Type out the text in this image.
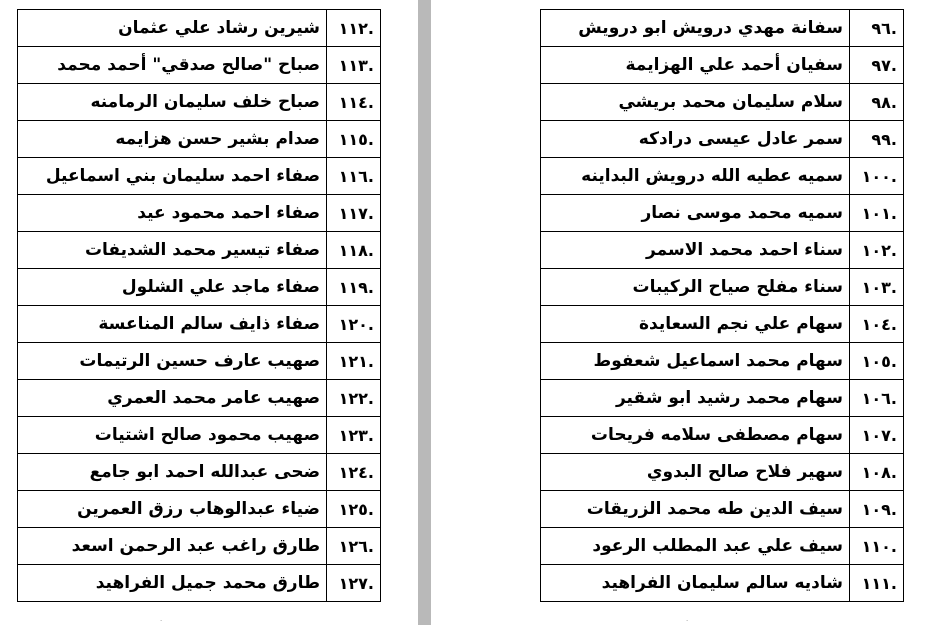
.١١٢	شيرين رشاد علي عثمان
.١١٣	صباح "صالح صدقي" أحمد محمد
.١١٤	صباح خلف سليمان الرمامنه
.١١٥	صدام بشير حسن هزايمه
.١١٦	صفاء احمد سليمان بني اسماعيل
.١١٧	صفاء احمد محمود عيد
.١١٨	صفاء تيسير محمد الشديفات
.١١٩	صفاء ماجد علي الشلول
.١٢٠	صفاء ذايف سالم المناعسة
.١٢١	صهيب عارف حسين الرتيمات
.١٢٢	صهيب عامر محمد العمري
.١٢٣	صهيب محمود صالح اشتيات
.١٢٤	ضحى عبدالله احمد ابو جامع
.١٢٥	ضياء عبدالوهاب رزق العمرين
.١٢٦	طارق راغب عبد الرحمن اسعد
.١٢٧	طارق محمد جميل الفراهيد
·
.٩٦	سفانة مهدي درويش ابو درويش
.٩٧	سفيان أحمد علي الهزايمة
.٩٨	سلام سليمان محمد بريشي
.٩٩	سمر عادل عيسى درادكه
.١٠٠	سميه عطيه الله درويش البداينه
.١٠١	سميه محمد موسى نصار
.١٠٢	سناء احمد محمد الاسمر
.١٠٣	سناء مفلح صياح الركيبات
.١٠٤	سهام علي نجم السعايدة
.١٠٥	سهام محمد اسماعيل شعفوط
.١٠٦	سهام محمد رشيد ابو شقير
.١٠٧	سهام مصطفى سلامه فريحات
.١٠٨	سهير فلاح صالح البدوي
.١٠٩	سيف الدين طه محمد الزريقات
.١١٠	سيف علي عبد المطلب الرعود
.١١١	شاديه سالم سليمان الفراهيد
·
